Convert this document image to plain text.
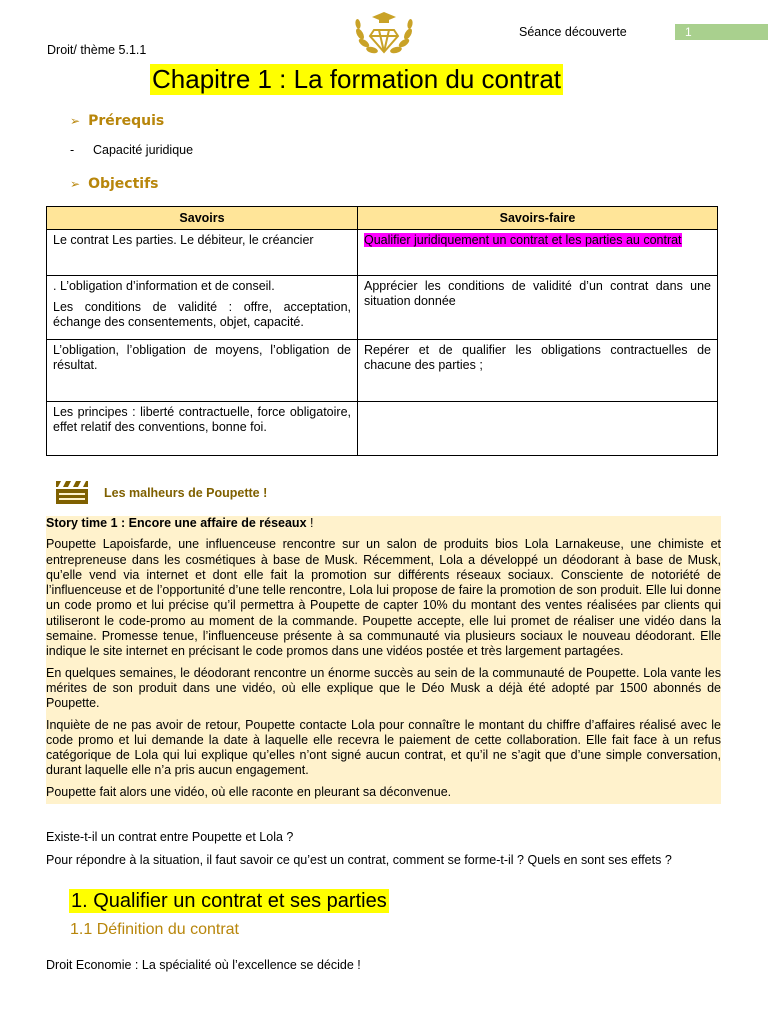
Séance découverte	1
Droit/ thème 5.1.1
Chapitre 1 : La formation du contrat
➢ Prérequis
- Capacité juridique
➢ Objectifs
Savoirs	Savoirs-faire

Le contrat Les parties. Le débiteur, le créancier	Qualifier juridiquement un contrat et les parties au contrat

. L’obligation d’information et de conseil.

Les conditions de validité : offre, acceptation, échange des consentements, objet, capacité.	Apprécier les conditions de validité d’un contrat dans une situation donnée

L’obligation, l’obligation de moyens, l’obligation de résultat.	Repérer et de qualifier les obligations contractuelles de chacune des parties ;

Les principes : liberté contractuelle, force obligatoire, effet relatif des conventions, bonne foi.	

Les malheurs de Poupette !

Story time 1 : Encore une affaire de réseaux !

Poupette Lapoisfarde, une influenceuse rencontre sur un salon de produits bios Lola Larnakeuse, une chimiste et entrepreneuse dans les cosmétiques à base de Musk. Récemment, Lola a développé un déodorant à base de Musk, qu’elle vend via internet et dont elle fait la promotion sur différents réseaux sociaux. Consciente de notoriété de l’influenceuse et de l’opportunité d’une telle rencontre, Lola lui propose de faire la promotion de son produit. Elle lui donne un code promo et lui précise qu’il permettra à Poupette de capter 10% du montant des ventes réalisées par clients qui utiliseront le code-promo au moment de la commande. Poupette accepte, elle lui promet de réaliser une vidéo dans la semaine. Promesse tenue, l’influenceuse présente à sa communauté via plusieurs sociaux le nouveau déodorant. Elle indique le site internet en précisant le code promos dans une vidéos postée et très largement partagées.

En quelques semaines, le déodorant rencontre un énorme succès au sein de la communauté de Poupette. Lola vante les mérites de son produit dans une vidéo, où elle explique que le Déo Musk a déjà été adopté par 1500 abonnés de Poupette.

Inquiète de ne pas avoir de retour, Poupette contacte Lola pour connaître le montant du chiffre d’affaires réalisé avec le code promo et lui demande la date à laquelle elle recevra le paiement de cette collaboration. Elle fait face à un refus catégorique de Lola qui lui explique qu’elles n’ont signé aucun contrat, et qu’il ne s’agit que d’une simple conversation, durant laquelle elle n’a pris aucun engagement.

Poupette fait alors une vidéo, où elle raconte en pleurant sa déconvenue.

Existe-t-il un contrat entre Poupette et Lola ?

Pour répondre à la situation, il faut savoir ce qu’est un contrat, comment se forme-t-il ? Quels en sont ses effets ?

1. Qualifier un contrat et ses parties
1.1 Définition du contrat
Droit Economie : La spécialité où l’excellence se décide !
